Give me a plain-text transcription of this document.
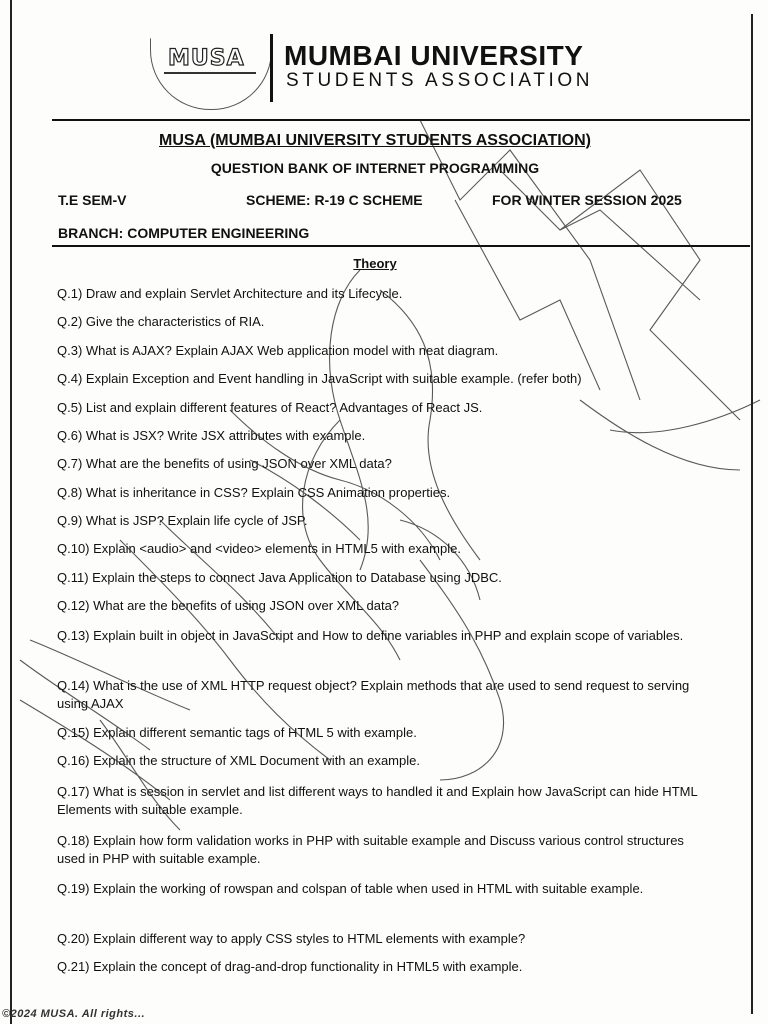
MUSA MUMBAI UNIVERSITY
STUDENTS ASSOCIATION
MUSA (MUMBAI UNIVERSITY STUDENTS ASSOCIATION)
QUESTION BANK OF INTERNET PROGRAMMING
T.E SEM-V	SCHEME: R-19 C SCHEME	FOR WINTER SESSION 2025
BRANCH: COMPUTER ENGINEERING
Theory
Q.1) Draw and explain Servlet Architecture and its Lifecycle.
Q.2) Give the characteristics of RIA.
Q.3) What is AJAX? Explain AJAX Web application model with neat diagram.
Q.4) Explain Exception and Event handling in JavaScript with suitable example. (refer both)
Q.5) List and explain different features of React? Advantages of React JS.
Q.6) What is JSX? Write JSX attributes with example.
Q.7) What are the benefits of using JSON over XML data?
Q.8) What is inheritance in CSS? Explain CSS Animation properties.
Q.9) What is JSP? Explain life cycle of JSP.
Q.10) Explain <audio> and <video> elements in HTML5 with example.
Q.11) Explain the steps to connect Java Application to Database using JDBC.
Q.12) What are the benefits of using JSON over XML data?
Q.13) Explain built in object in JavaScript and How to define variables in PHP and explain scope of variables.
Q.14) What is the use of XML HTTP request object? Explain methods that are used to send request to serving using AJAX
Q.15) Explain different semantic tags of HTML 5 with example.
Q.16) Explain the structure of XML Document with an example.
Q.17) What is session in servlet and list different ways to handled it and Explain how JavaScript can hide HTML Elements with suitable example.
Q.18) Explain how form validation works in PHP with suitable example and Discuss various control structures used in PHP with suitable example.
Q.19) Explain the working of rowspan and colspan of table when used in HTML with suitable example.
Q.20) Explain different way to apply CSS styles to HTML elements with example?
Q.21) Explain the concept of drag-and-drop functionality in HTML5 with example.
©2024 MUSA. All rights...
